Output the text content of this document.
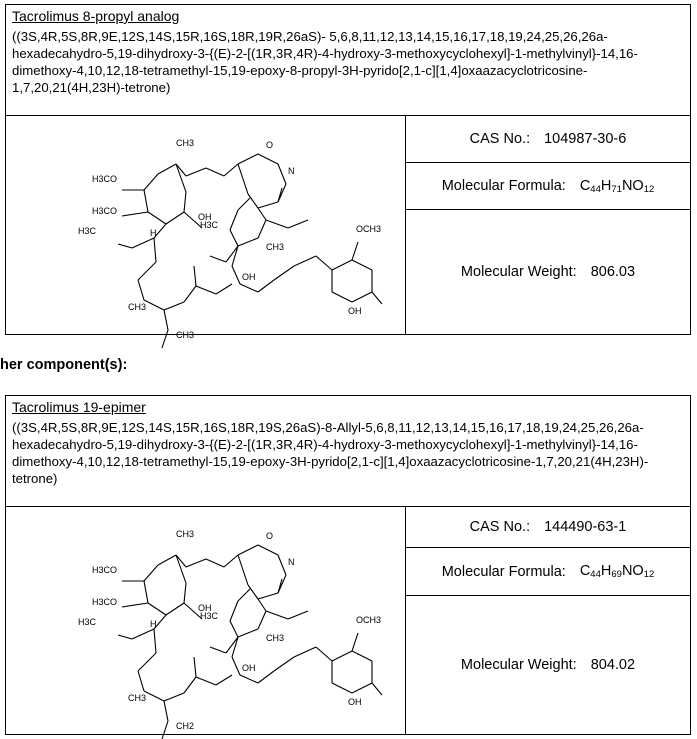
Tacrolimus 8-propyl analog
((3S,4R,5S,8R,9E,12S,14S,15R,16S,18R,19R,26aS)- 5,6,8,11,12,13,14,15,16,17,18,19,24,25,26,26a-
hexadecahydro-5,19-dihydroxy-3-{(E)-2-[(1R,3R,4R)-4-hydroxy-3-methoxycyclohexyl]-1-methylvinyl}-14,16-
dimethoxy-4,10,12,18-tetramethyl-15,19-epoxy-8-propyl-3H-pyrido[2,1-c][1,4]oxaazacyclotricosine-
1,7,20,21(4H,23H)-tetrone)
CH3	O
N
H3CO
OH
H3CO
H
H3C
H3C	OCH3
CH3
OH
OH
CH3
CH3
CAS No.: 104987-30-6
Molecular Formula: $C_{44}H_{71}NO_{12}$
Molecular Weight: 806.03
her component(s):
Tacrolimus 19-epimer
((3S,4R,5S,8R,9E,12S,14S,15R,16S,18R,19S,26aS)-8-Allyl-5,6,8,11,12,13,14,15,16,17,18,19,24,25,26,26a-
hexadecahydro-5,19-dihydroxy-3-{(E)-2-[(1R,3R,4R)-4-hydroxy-3-methoxycyclohexyl]-1-methylvinyl}-14,16-
dimethoxy-4,10,12,18-tetramethyl-15,19-epoxy-3H-pyrido[2,1-c][1,4]oxaazacyclotricosine-1,7,20,21(4H,23H)-
tetrone)
CH3	O
N
H3CO
OH
H3CO
H
H3C
H3C	OCH3
CH3
OH
OH
CH3
CH2
CAS No.: 144490-63-1
Molecular Formula: $C_{44}H_{69}NO_{12}$
Molecular Weight: 804.02
